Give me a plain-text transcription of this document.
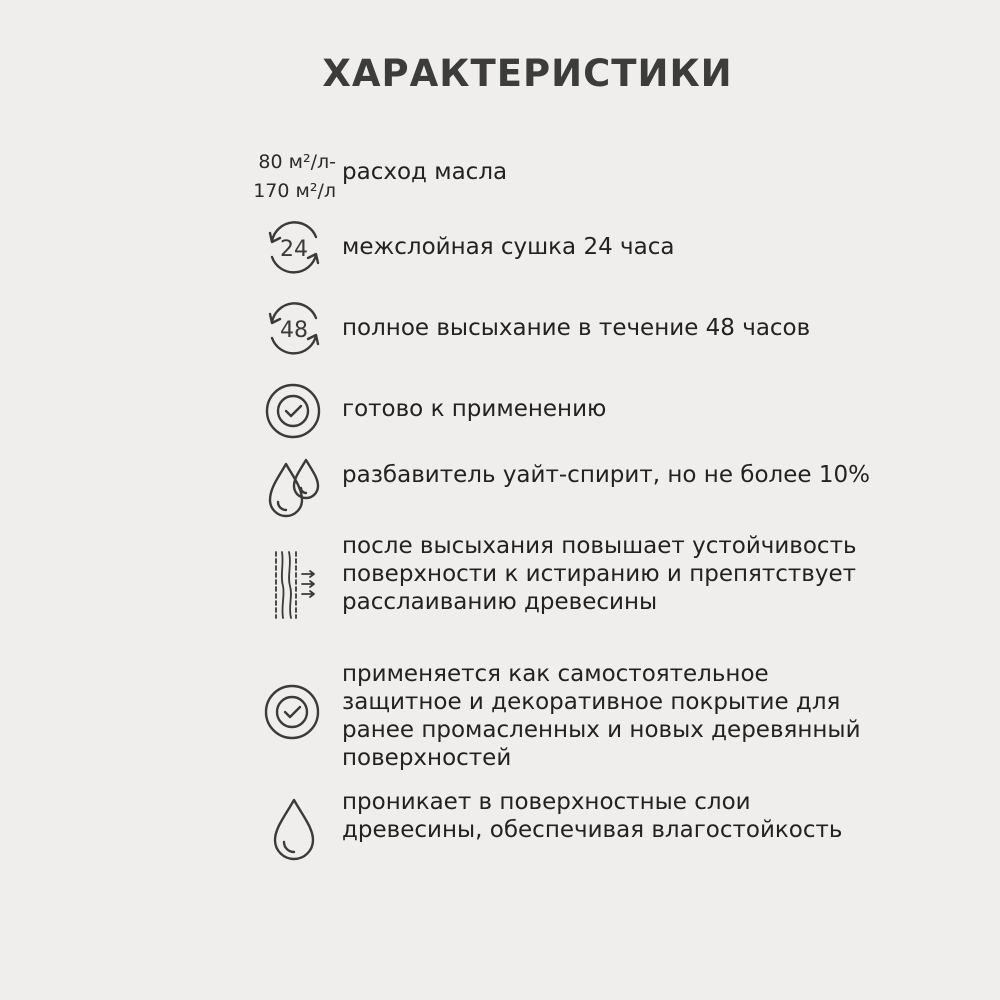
ХАРАКТЕРИСТИКИ
80 м²/л-
170 м²/л
расход масла
24 межслойная сушка 24 часа
48 полное высыхание в течение 48 часов
готово к применению
разбавитель уайт-спирит, но не более 10%
после высыхания повышает устойчивость поверхности к истиранию и препятствует расслаиванию древесины
применяется как самостоятельное защитное и декоративное покрытие для ранее промасленных и новых деревянный поверхностей
проникает в поверхностные слои древесины, обеспечивая влагостойкость
